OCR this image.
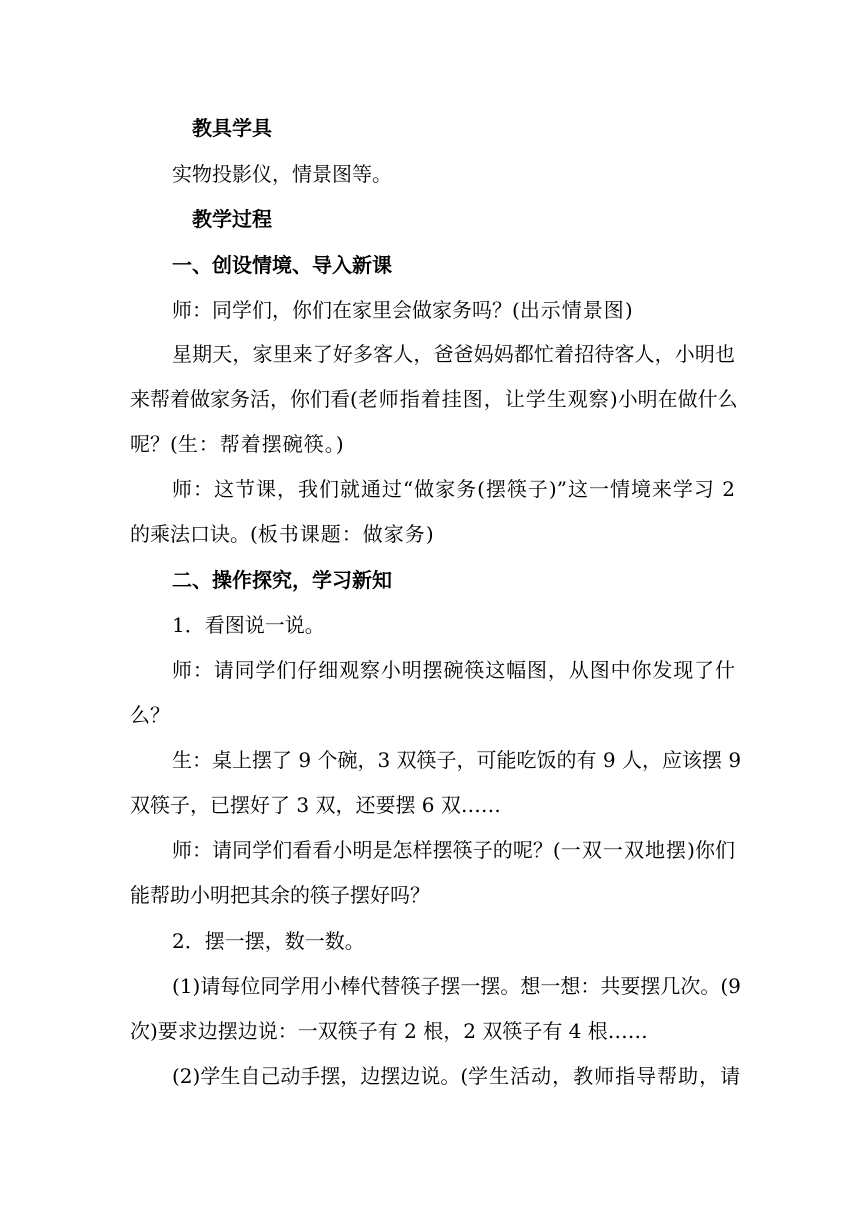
教具学具
实物投影仪，情景图等。
教学过程
一、创设情境、导入新课
师：同学们，你们在家里会做家务吗？(出示情景图)
星期天，家里来了好多客人，爸爸妈妈都忙着招待客人，小明也
来帮着做家务活，你们看(老师指着挂图，让学生观察)小明在做什么
呢？(生：帮着摆碗筷。)
师：这节课，我们就通过“做家务(摆筷子)”这一情境来学习 2
的乘法口诀。(板书课题：做家务)
二、操作探究，学习新知
1．看图说一说。
师：请同学们仔细观察小明摆碗筷这幅图，从图中你发现了什
么？
生：桌上摆了 9 个碗，3 双筷子，可能吃饭的有 9 人，应该摆 9
双筷子，已摆好了 3 双，还要摆 6 双……
师：请同学们看看小明是怎样摆筷子的呢？(一双一双地摆)你们
能帮助小明把其余的筷子摆好吗？
2．摆一摆，数一数。
(1)请每位同学用小棒代替筷子摆一摆。想一想：共要摆几次。(9
次)要求边摆边说：一双筷子有 2 根，2 双筷子有 4 根……
(2)学生自己动手摆，边摆边说。(学生活动，教师指导帮助，请
